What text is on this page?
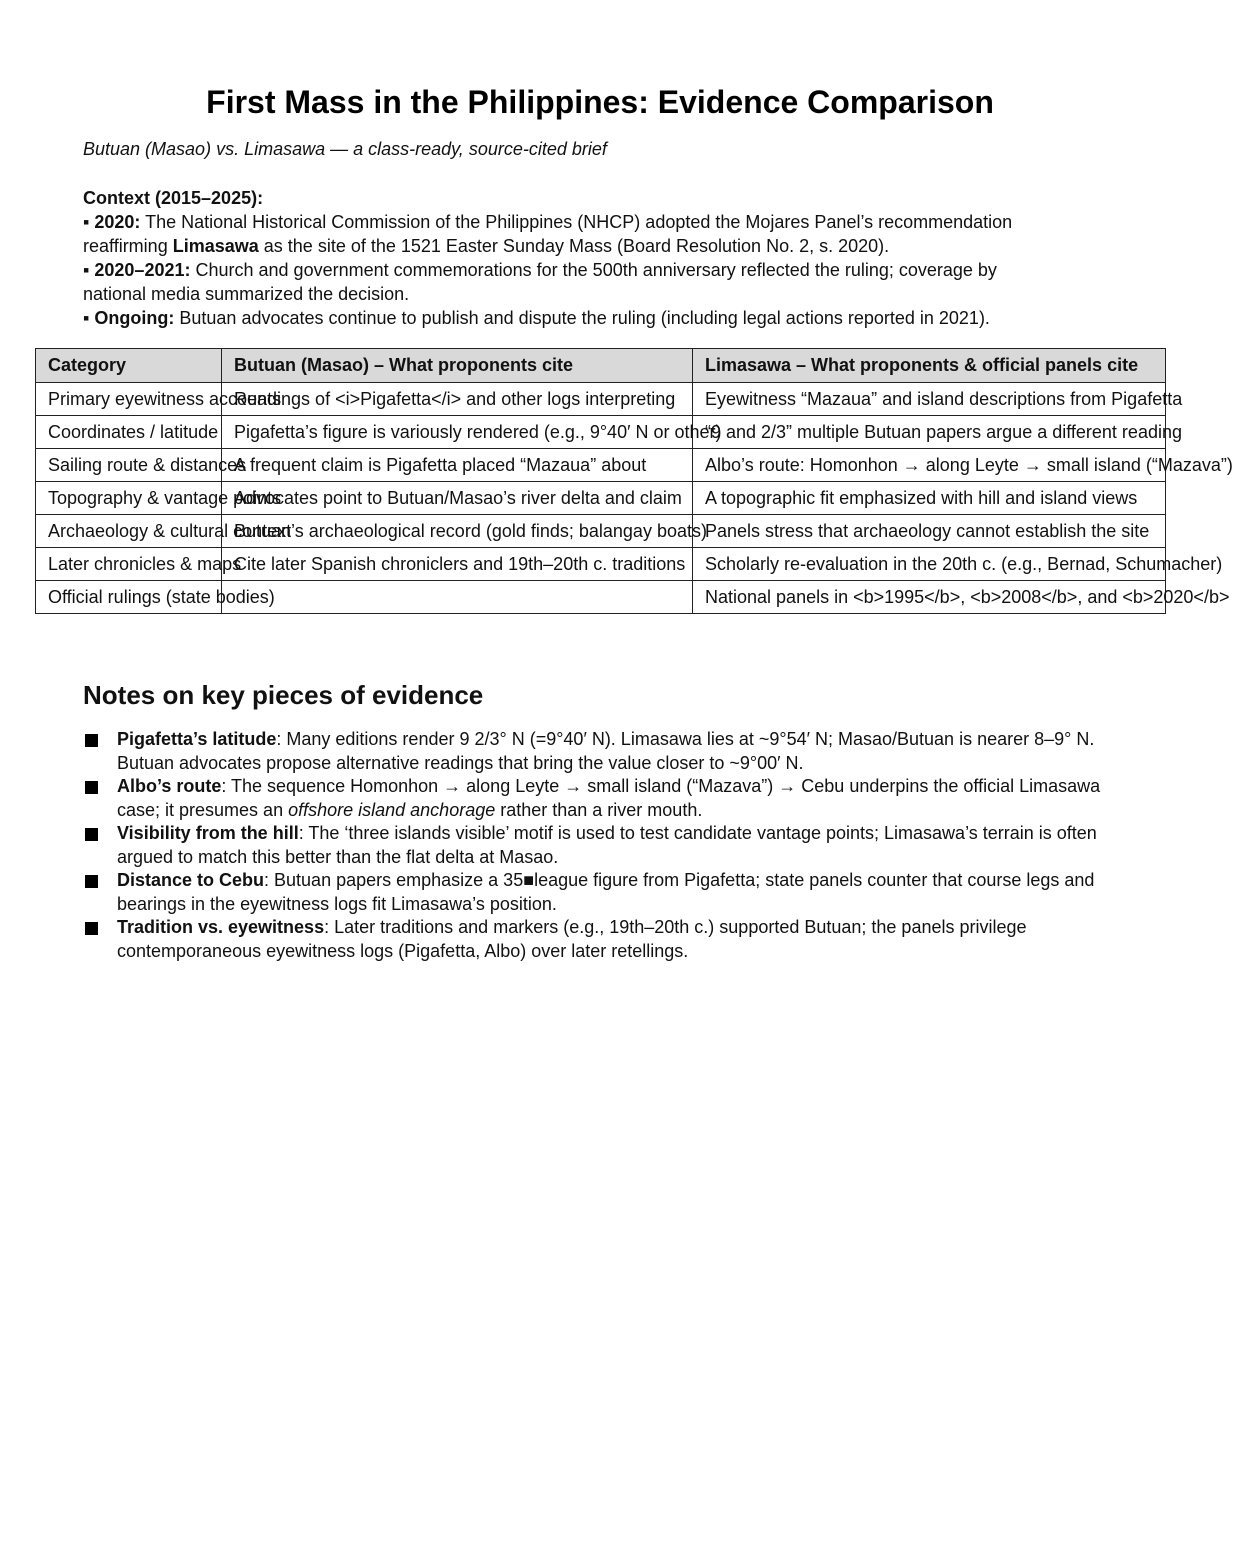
First Mass in the Philippines: Evidence Comparison
Butuan (Masao) vs. Limasawa — a class-ready, source-cited brief
Context (2015–2025):
▪ 2020: The National Historical Commission of the Philippines (NHCP) adopted the Mojares Panel’s recommendation
reaffirming Limasawa as the site of the 1521 Easter Sunday Mass (Board Resolution No. 2, s. 2020).
▪ 2020–2021: Church and government commemorations for the 500th anniversary reflected the ruling; coverage by
national media summarized the decision.
▪ Ongoing: Butuan advocates continue to publish and dispute the ruling (including legal actions reported in 2021).
Category	Butuan (Masao) – What proponents cite	Limasawa – What proponents & official panels cite
Primary eyewitness accounts	Readings of <i>Pigafetta</i> and other logs interpreting	Eyewitness “Mazaua” and island descriptions from Pigafetta
Coordinates / latitude	Pigafetta’s figure is variously rendered (e.g., 9°40′ N or other)	“9 and 2/3” multiple Butuan papers argue a different reading
Sailing route & distances	A frequent claim is Pigafetta placed “Mazaua” about	Albo’s route: Homonhon → along Leyte → small island (“Mazava”)
Topography & vantage points	Advocates point to Butuan/Masao’s river delta and claim	A topographic fit emphasized with hill and island views
Archaeology & cultural context	Butuan’s archaeological record (gold finds; balangay boats)	Panels stress that archaeology cannot establish the site
Later chronicles & maps	Cite later Spanish chroniclers and 19th–20th c. traditions	Scholarly re-evaluation in the 20th c. (e.g., Bernad, Schumacher)
Official rulings (state bodies)		National panels in <b>1995</b>, <b>2008</b>, and <b>2020</b>
Notes on key pieces of evidence
Pigafetta’s latitude: Many editions render 9 2/3° N (=9°40′ N). Limasawa lies at ~9°54′ N; Masao/Butuan is nearer 8–9° N. Butuan advocates propose alternative readings that bring the value closer to ~9°00′ N.
Albo’s route: The sequence Homonhon → along Leyte → small island (“Mazava”) → Cebu underpins the official Limasawa case; it presumes an offshore island anchorage rather than a river mouth.
Visibility from the hill: The ‘three islands visible’ motif is used to test candidate vantage points; Limasawa’s terrain is often argued to match this better than the flat delta at Masao.
Distance to Cebu: Butuan papers emphasize a 35■league figure from Pigafetta; state panels counter that course legs and bearings in the eyewitness logs fit Limasawa’s position.
Tradition vs. eyewitness: Later traditions and markers (e.g., 19th–20th c.) supported Butuan; the panels privilege contemporaneous eyewitness logs (Pigafetta, Albo) over later retellings.
